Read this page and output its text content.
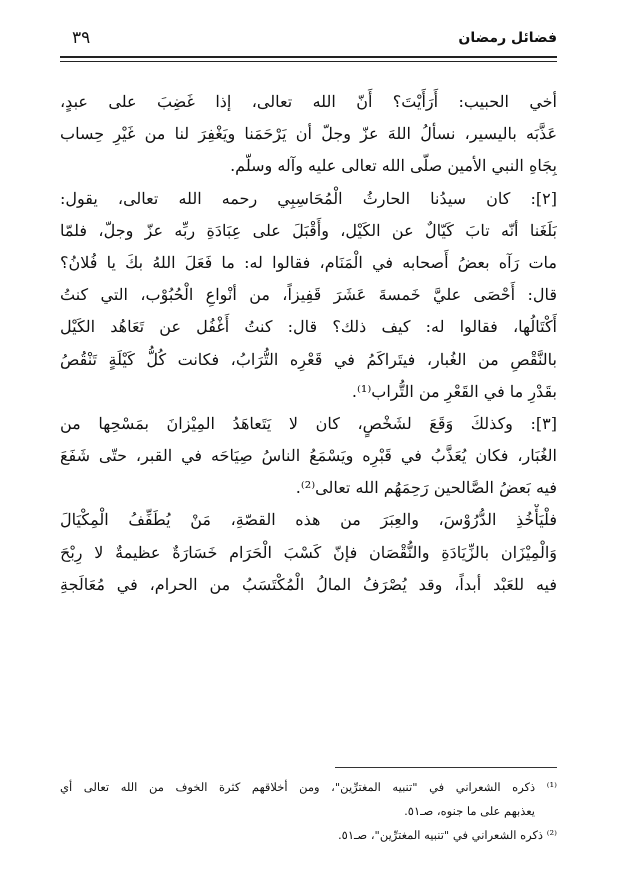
فضائل رمضان
٣٩
أخي الحبيب: أَرَأَيْتَ؟ أَنّ الله تعالى، إذا غَضِبَ على عبدٍ،
عَذَّبَه باليسير، نسألُ اللهَ عزّ وجلّ أن يَرْحَمَنا ويَغْفِرَ لنا من غَيْرِ حِساب
بِجَاهِ النبي الأمين صلّى الله تعالى عليه وآله وسلّم.
[٢]: كان سيدُنا الحارثُ الْمُحَاسِبِي رحمه الله تعالى، يقول:
بَلَغَنا أنّه تابَ كَيّالٌ عن الكَيْل، وأَقْبَلَ على عِبَادَةِ ربِّه عزّ وجلّ، فلمّا
مات رَآه بعضُ أَصحابه في الْمَنَام، فقالوا له: ما فَعَلَ اللهُ بكَ يا فُلانُ؟
قال: أَحْصَى عليَّ خَمسةَ عَشَرَ قَفِيزاً، من أنْواعِ الْحُبُوْب، التي كنتُ
أَكْتَالُها، فقالوا له: كيف ذلك؟ قال: كنتُ أَغْفُل عن تَعَاهُد الكَيْل
بالنَّقْصِ من الغُبار، فيتَراكَمُ في قَعْرِه التُّرَابُ، فكانت كُلُّ كَيْلَةٍ تَنْقُصُ
بقَدْرِ ما في القَعْرِ من التُّراب⁽¹⁾.
[٣]: وكذلكَ وَقَعَ لشَخْصٍ، كان لا يَتَعاهَدُ المِيْزانَ بمَسْحِها من
الغُبَار، فكان يُعَذَّبُ في قَبْرِه ويَسْمَعُ الناسُ صِيَاحَه في القبر، حتّى شَفَعَ
فيه بَعضُ الصَّالحين رَحِمَهُم الله تعالى⁽²⁾.
فلْيَأْخُذِ الدُّرُوْسَ، والعِبَرَ من هذه القصّةِ، مَنْ يُطَفِّفُ الْمِكْيَالَ
وَالْمِيْزَان بالزِّيَادَةِ والنُّقْصَان فإنّ كَسْبَ الْحَرَام خَسَارَةٌ عظيمةٌ لا رِبْحَ
فيه للعَبْد أبداً، وقد يُصْرَفُ المالُ الْمُكْتَسَبُ من الحرام، في مُعَالَجةِ
⁽¹⁾ ذكره الشعراني في "تنبيه المغترِّين"، ومن أخلاقهم كثرة الخوف من الله تعالى أي
يعذبهم على ما جنوه، صـ٥١.
⁽²⁾ ذكره الشعراني في "تنبيه المغترِّين"، صـ٥١.
